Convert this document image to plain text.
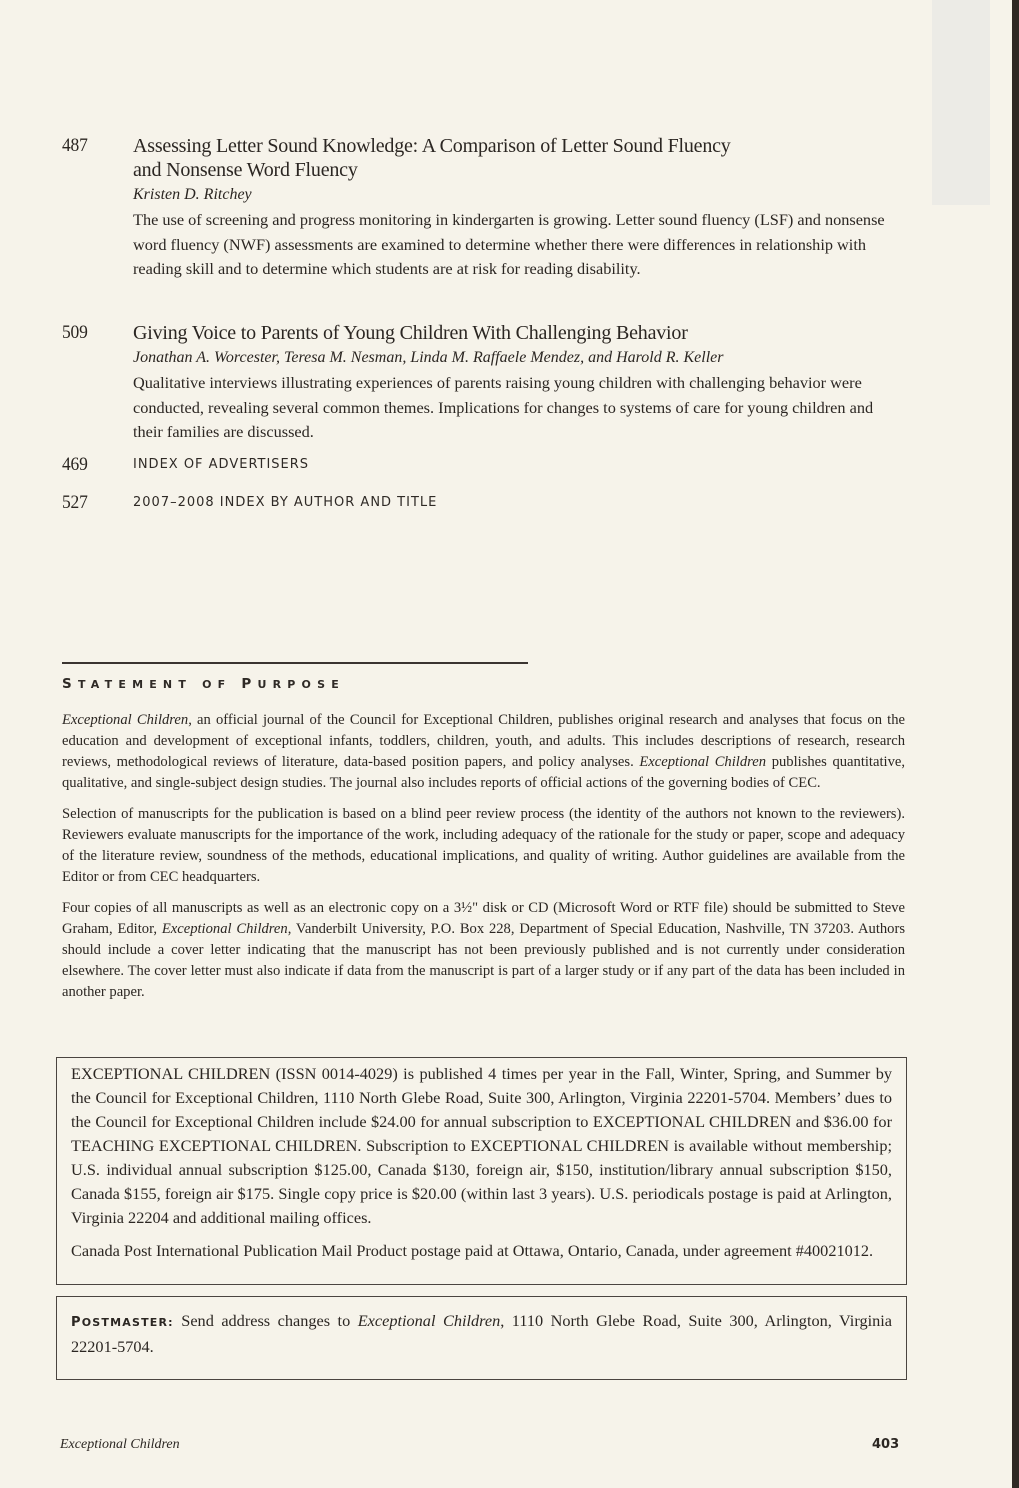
487 Assessing Letter Sound Knowledge: A Comparison of Letter Sound Fluency
and Nonsense Word Fluency
Kristen D. Ritchey
The use of screening and progress monitoring in kindergarten is growing. Letter sound fluency (LSF) and nonsense word fluency (NWF) assessments are examined to determine whether there were differences in relationship with reading skill and to determine which students are at risk for reading disability.
509 Giving Voice to Parents of Young Children With Challenging Behavior
Jonathan A. Worcester, Teresa M. Nesman, Linda M. Raffaele Mendez, and Harold R. Keller
Qualitative interviews illustrating experiences of parents raising young children with challenging behavior were conducted, revealing several common themes. Implications for changes to systems of care for young children and their families are discussed.
469	INDEX OF ADVERTISERS
527	2007–2008 INDEX BY AUTHOR AND TITLE
STATEMENT OF PURPOSE

Exceptional Children, an official journal of the Council for Exceptional Children, publishes original research and analyses that focus on the education and development of exceptional infants, toddlers, children, youth, and adults. This includes descriptions of research, research reviews, methodological reviews of literature, data-based position papers, and policy analyses. Exceptional Children publishes quantitative, qualitative, and single-subject design studies. The journal also includes reports of official actions of the governing bodies of CEC.

Selection of manuscripts for the publication is based on a blind peer review process (the identity of the authors not known to the reviewers). Reviewers evaluate manuscripts for the importance of the work, including adequacy of the rationale for the study or paper, scope and adequacy of the literature review, soundness of the methods, educational implications, and quality of writing. Author guidelines are available from the Editor or from CEC headquarters.

Four copies of all manuscripts as well as an electronic copy on a 3½" disk or CD (Microsoft Word or RTF file) should be submitted to Steve Graham, Editor, Exceptional Children, Vanderbilt University, P.O. Box 228, Department of Special Education, Nashville, TN 37203. Authors should include a cover letter indicating that the manuscript has not been previously published and is not currently under consideration elsewhere. The cover letter must also indicate if data from the manuscript is part of a larger study or if any part of the data has been included in another paper.

EXCEPTIONAL CHILDREN (ISSN 0014-4029) is published 4 times per year in the Fall, Winter, Spring, and Summer by the Council for Exceptional Children, 1110 North Glebe Road, Suite 300, Arlington, Virginia 22201-5704. Members’ dues to the Council for Exceptional Children include $24.00 for annual subscription to EXCEPTIONAL CHILDREN and $36.00 for TEACHING EXCEPTIONAL CHILDREN. Subscription to EXCEPTIONAL CHILDREN is available without membership; U.S. individual annual subscription $125.00, Canada $130, foreign air, $150, institution/library annual subscription $150, Canada $155, foreign air $175. Single copy price is $20.00 (within last 3 years). U.S. periodicals postage is paid at Arlington, Virginia 22204 and additional mailing offices.

Canada Post International Publication Mail Product postage paid at Ottawa, Ontario, Canada, under agreement #40021012.

POSTMASTER: Send address changes to Exceptional Children, 1110 North Glebe Road, Suite 300, Arlington, Virginia 22201-5704.

Exceptional Children	403
